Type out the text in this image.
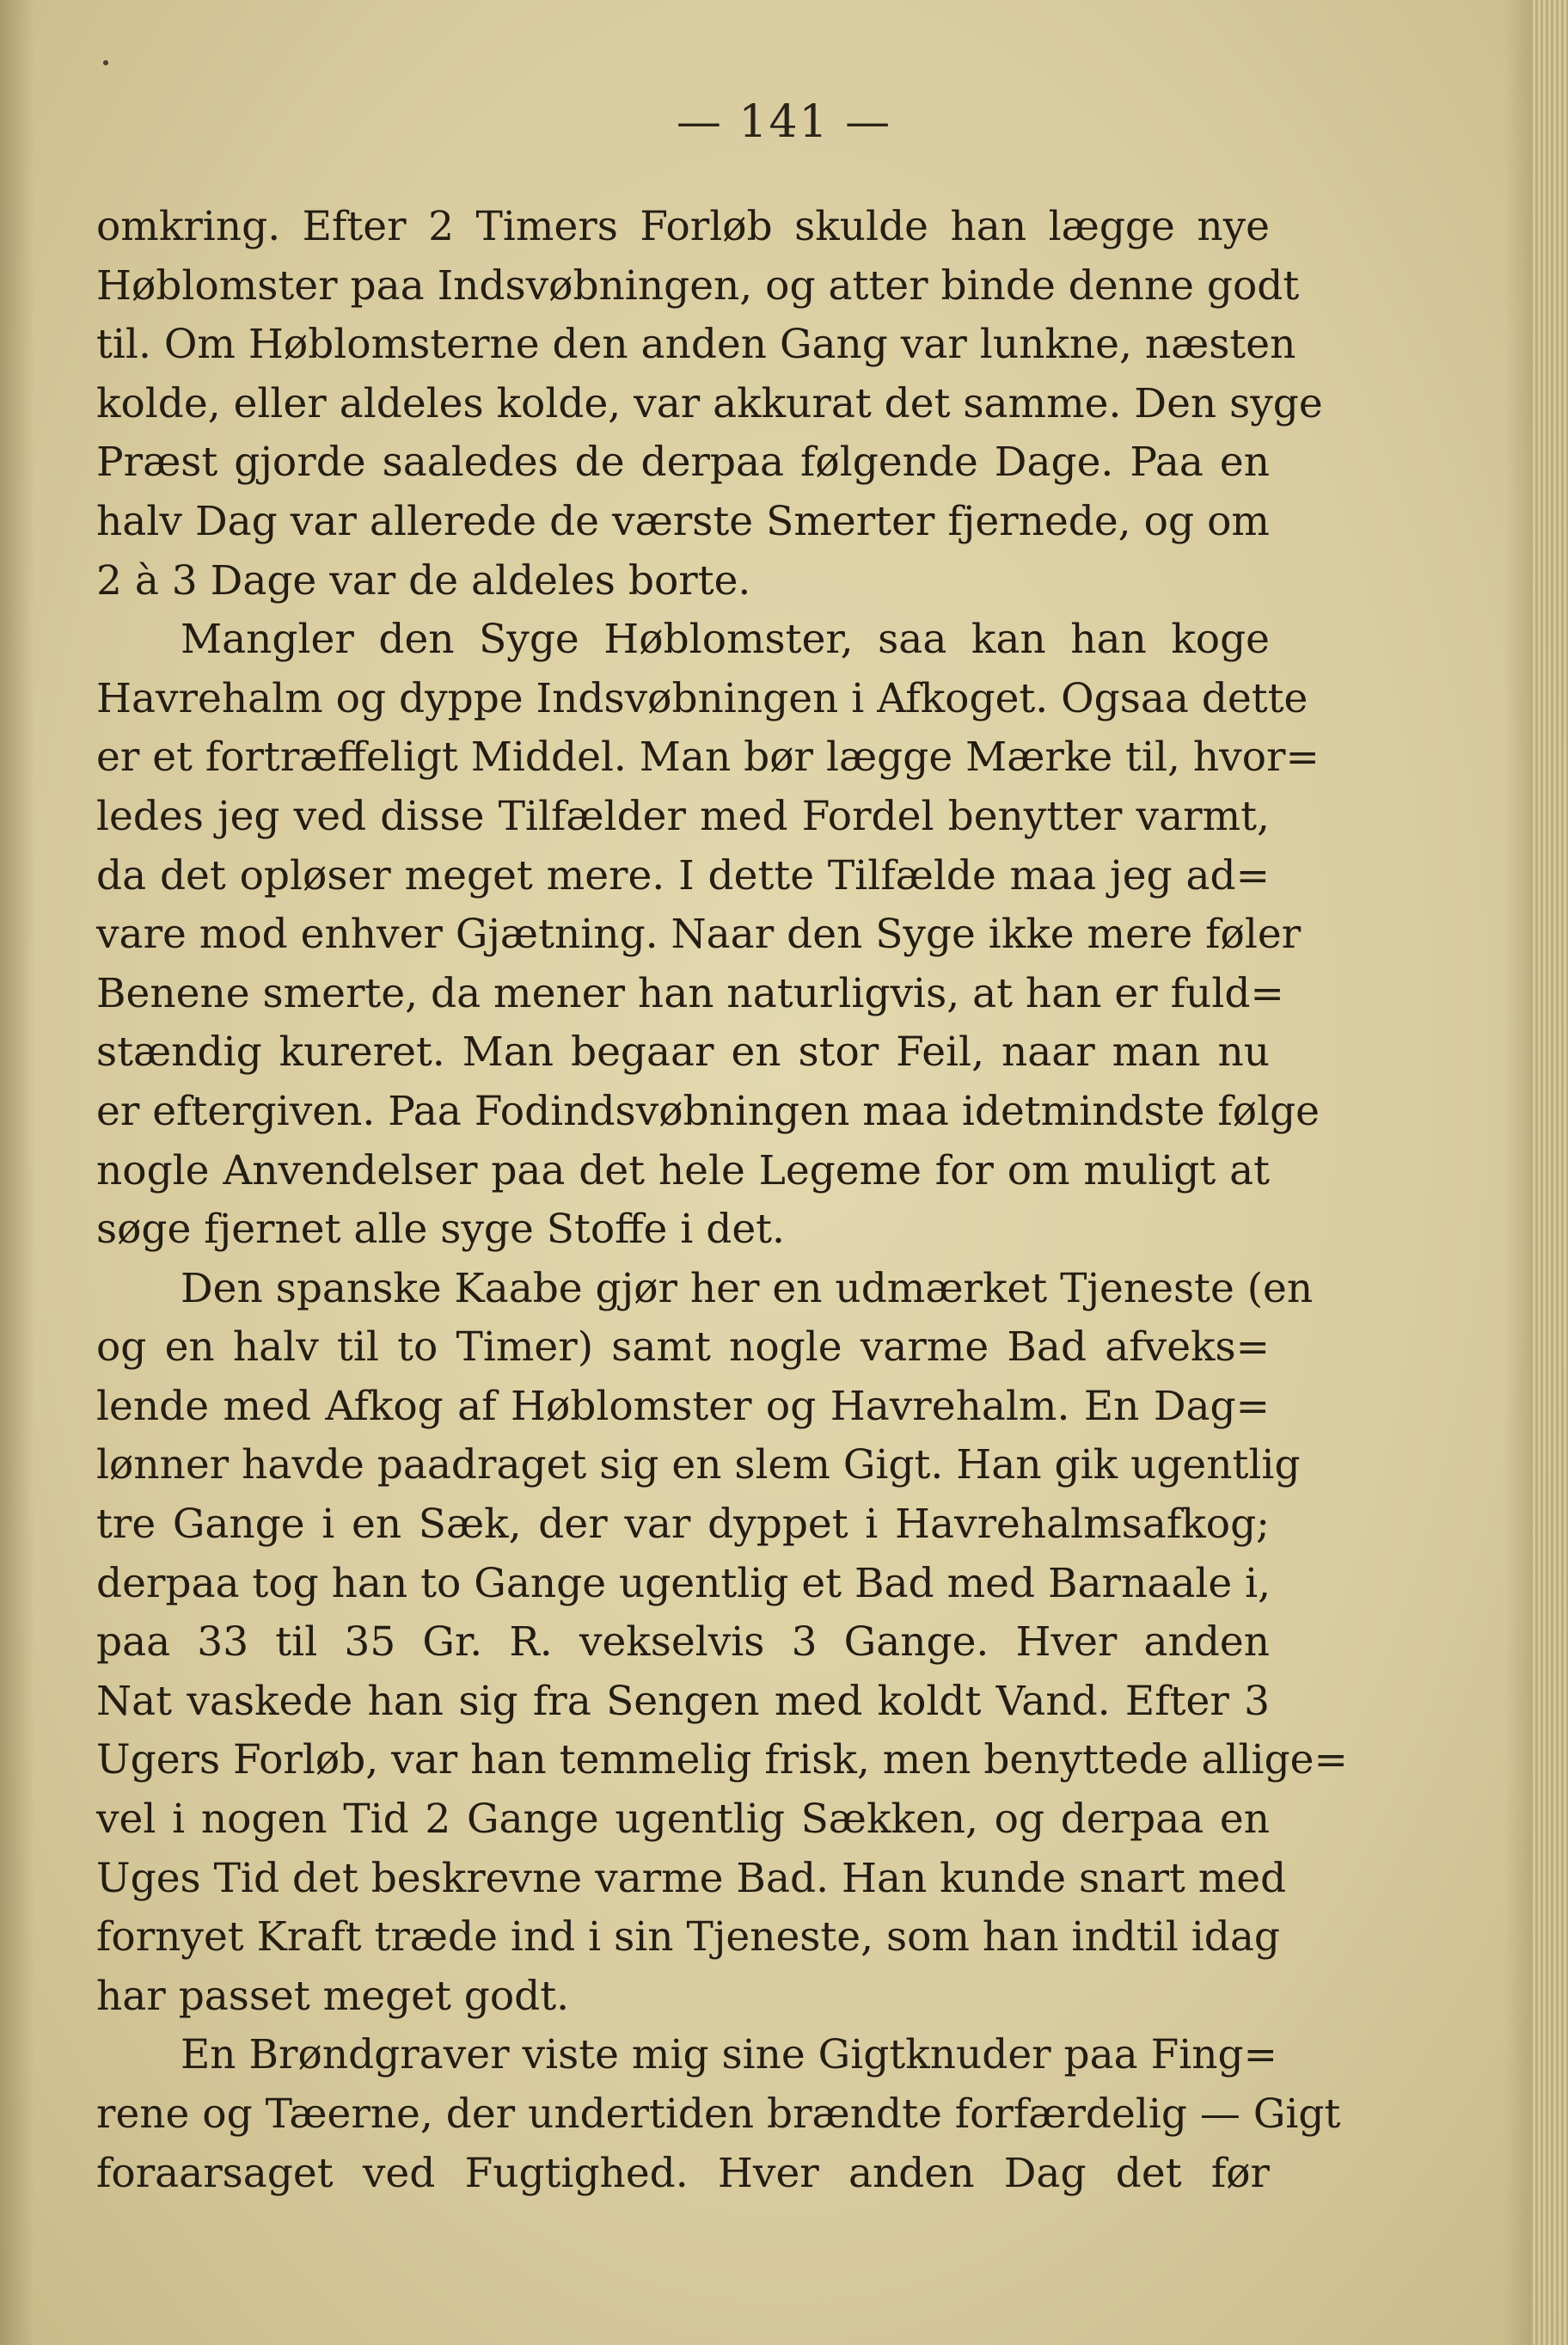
— 141 —
omkring. Efter 2 Timers Forløb skulde han lægge nye
Høblomster paa Indsvøbningen, og atter binde denne godt
til. Om Høblomsterne den anden Gang var lunkne, næsten
kolde, eller aldeles kolde, var akkurat det samme. Den syge
Præst gjorde saaledes de derpaa følgende Dage. Paa en
halv Dag var allerede de værste Smerter fjernede, og om
2 à 3 Dage var de aldeles borte.
Mangler den Syge Høblomster, saa kan han koge
Havrehalm og dyppe Indsvøbningen i Afkoget. Ogsaa dette
er et fortræffeligt Middel. Man bør lægge Mærke til, hvor=
ledes jeg ved disse Tilfælder med Fordel benytter varmt,
da det opløser meget mere. I dette Tilfælde maa jeg ad=
vare mod enhver Gjætning. Naar den Syge ikke mere føler
Benene smerte, da mener han naturligvis, at han er fuld=
stændig kureret. Man begaar en stor Feil, naar man nu
er eftergiven. Paa Fodindsvøbningen maa idetmindste følge
nogle Anvendelser paa det hele Legeme for om muligt at
søge fjernet alle syge Stoffe i det.
Den spanske Kaabe gjør her en udmærket Tjeneste (en
og en halv til to Timer) samt nogle varme Bad afveks=
lende med Afkog af Høblomster og Havrehalm. En Dag=
lønner havde paadraget sig en slem Gigt. Han gik ugentlig
tre Gange i en Sæk, der var dyppet i Havrehalmsafkog;
derpaa tog han to Gange ugentlig et Bad med Barnaale i,
paa 33 til 35 Gr. R. vekselvis 3 Gange. Hver anden
Nat vaskede han sig fra Sengen med koldt Vand. Efter 3
Ugers Forløb, var han temmelig frisk, men benyttede allige=
vel i nogen Tid 2 Gange ugentlig Sækken, og derpaa en
Uges Tid det beskrevne varme Bad. Han kunde snart med
fornyet Kraft træde ind i sin Tjeneste, som han indtil idag
har passet meget godt.
En Brøndgraver viste mig sine Gigtknuder paa Fing=
rene og Tæerne, der undertiden brændte forfærdelig — Gigt
foraarsaget ved Fugtighed. Hver anden Dag det før
